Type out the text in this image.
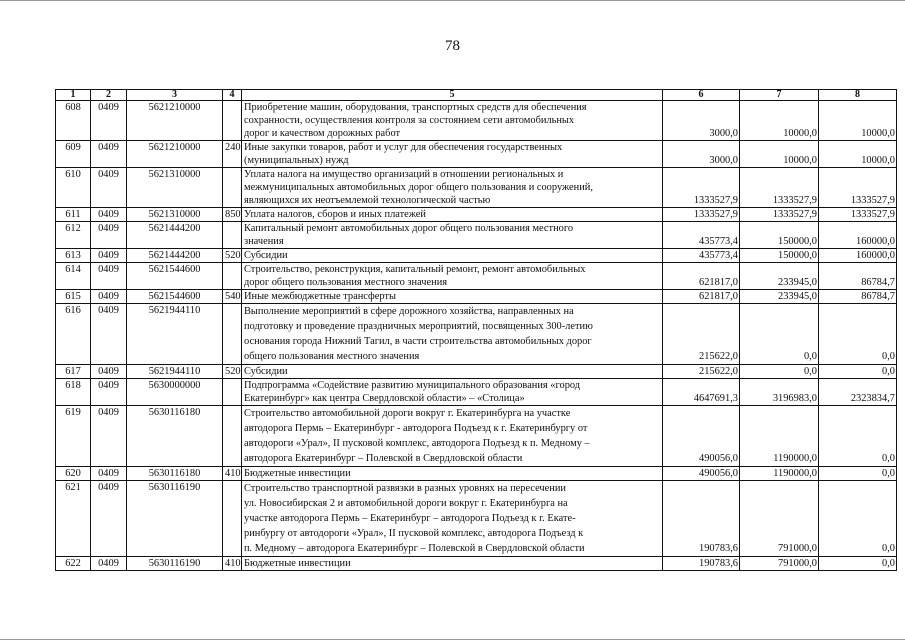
78
1	2	3	4	5	6	7	8
608	0409	5621210000		Приобретение машин, оборудования, транспортных средств для обеспечения
сохранности, осуществления контроля за состоянием сети автомобильных
дорог и качеством дорожных работ	3000,0	10000,0	10000,0
609	0409	5621210000	240	Иные закупки товаров, работ и услуг для обеспечения государственных
(муниципальных) нужд	3000,0	10000,0	10000,0
610	0409	5621310000		Уплата налога на имущество организаций в отношении региональных и
межмуниципальных автомобильных дорог общего пользования и сооружений,
являющихся их неотъемлемой технологической частью	1333527,9	1333527,9	1333527,9
611	0409	5621310000	850	Уплата налогов, сборов и иных платежей	1333527,9	1333527,9	1333527,9
612	0409	5621444200		Капитальный ремонт автомобильных дорог общего пользования местного
значения	435773,4	150000,0	160000,0
613	0409	5621444200	520	Субсидии	435773,4	150000,0	160000,0
614	0409	5621544600		Строительство, реконструкция, капитальный ремонт, ремонт автомобильных
дорог общего пользования местного значения	621817,0	233945,0	86784,7
615	0409	5621544600	540	Иные межбюджетные трансферты	621817,0	233945,0	86784,7
616	0409	5621944110		Выполнение мероприятий в сфере дорожного хозяйства, направленных на
подготовку и проведение праздничных мероприятий, посвященных 300-летию
основания города Нижний Тагил, в части строительства автомобильных дорог
общего пользования местного значения	215622,0	0,0	0,0
617	0409	5621944110	520	Субсидии	215622,0	0,0	0,0
618	0409	5630000000		Подпрограмма «Содействие развитию муниципального образования «город
Екатеринбург» как центра Свердловской области» – «Столица»	4647691,3	3196983,0	2323834,7
619	0409	5630116180		Строительство автомобильной дороги вокруг г. Екатеринбурга на участке
автодорога Пермь – Екатеринбург - автодорога Подъезд к г. Екатеринбургу от
автодороги «Урал», II пусковой комплекс, автодорога Подъезд к п. Медному –
автодорога Екатеринбург – Полевской в Свердловской области	490056,0	1190000,0	0,0
620	0409	5630116180	410	Бюджетные инвестиции	490056,0	1190000,0	0,0
621	0409	5630116190		Строительство транспортной развязки в разных уровнях на пересечении
ул. Новосибирская 2 и автомобильной дороги вокруг г. Екатеринбурга на
участке автодорога Пермь – Екатеринбург – автодорога Подъезд к г. Екате-
ринбургу от автодороги «Урал», II пусковой комплекс, автодорога Подъезд к
п. Медному – автодорога Екатеринбург – Полевской в Свердловской области	190783,6	791000,0	0,0
622	0409	5630116190	410	Бюджетные инвестиции	190783,6	791000,0	0,0
